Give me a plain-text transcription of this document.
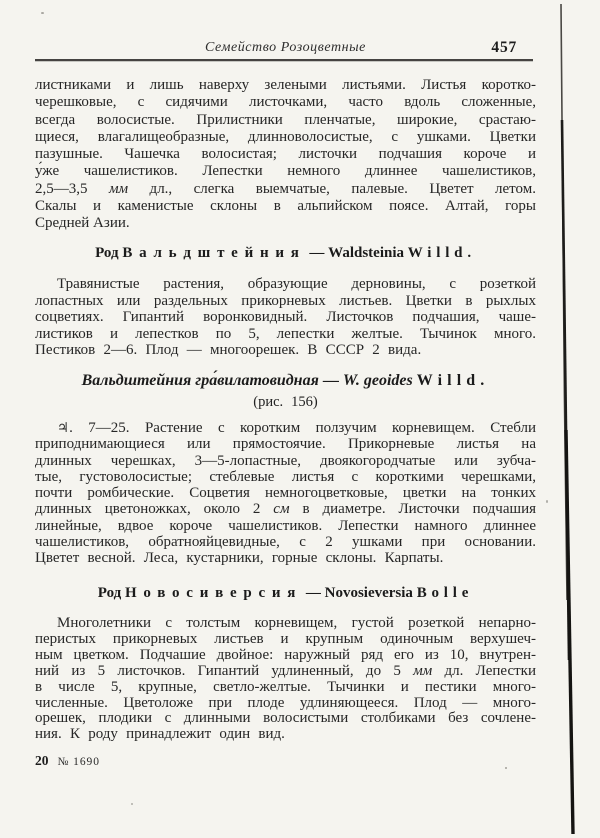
Семейство Розоцветные	457
листниками и лишь наверху зелеными листьями. Листья коротко-
черешковые, с сидячими листочками, часто вдоль сложенные,
всегда волосистые. Прилистники пленчатые, широкие, срастаю-
щиеся, влагалищеобразные, длинноволосистые, с ушками. Цветки
пазушные. Чашечка волосистая; листочки подчашия короче и
у́же чашелистиков. Лепестки немного длиннее чашелистиков,
2,5—3,5 мм дл., слегка выемчатые, палевые. Цветет летом.
Скалы и каменистые склоны в альпийском поясе. Алтай, горы
Средней Азии.
Род Вальдштейния — Waldsteinia Willd.
Травянистые растения, образующие дерновины, с розеткой
лопастных или раздельных прикорневых листьев. Цветки в рыхлых
соцветиях. Гипантий воронковидный. Листочков подчашия, чаше-
листиков и лепестков по 5, лепестки желтые. Тычинок много.
Пестиков 2—6. Плод — многоорешек. В СССР 2 вида.
Вальдштейния гра́вилатовидная — W. geoides Willd.
(рис. 156)
♃. 7—25. Растение с коротким ползучим корневищем. Стебли
приподнимающиеся или прямостоячие. Прикорневые листья на
длинных черешках, 3—5-лопастные, двоякогородчатые или зубча-
тые, густоволосистые; стеблевые листья с короткими черешками,
почти ромбические. Соцветия немногоцветковые, цветки на тонких
длинных цветоножках, около 2 см в диаметре. Листочки подчашия
линейные, вдвое короче чашелистиков. Лепестки намного длиннее
чашелистиков, обратнояйцевидные, с 2 ушками при основании.
Цветет весной. Леса, кустарники, горные склоны. Карпаты.
Род Новосиверсия — Novosieversia Bolle
Многолетники с толстым корневищем, густой розеткой непарно-
перистых прикорневых листьев и крупным одиночным верхушеч-
ным цветком. Подчашие двойное: наружный ряд его из 10, внутрен-
ний из 5 листочков. Гипантий удлиненный, до 5 мм дл. Лепестки
в числе 5, крупные, светло-желтые. Тычинки и пестики много-
численные. Цветоложе при плоде удлиняющееся. Плод — много-
орешек, плодики с длинными волосистыми столбиками без сочлене-
ния. К роду принадлежит один вид.
20 № 1690
